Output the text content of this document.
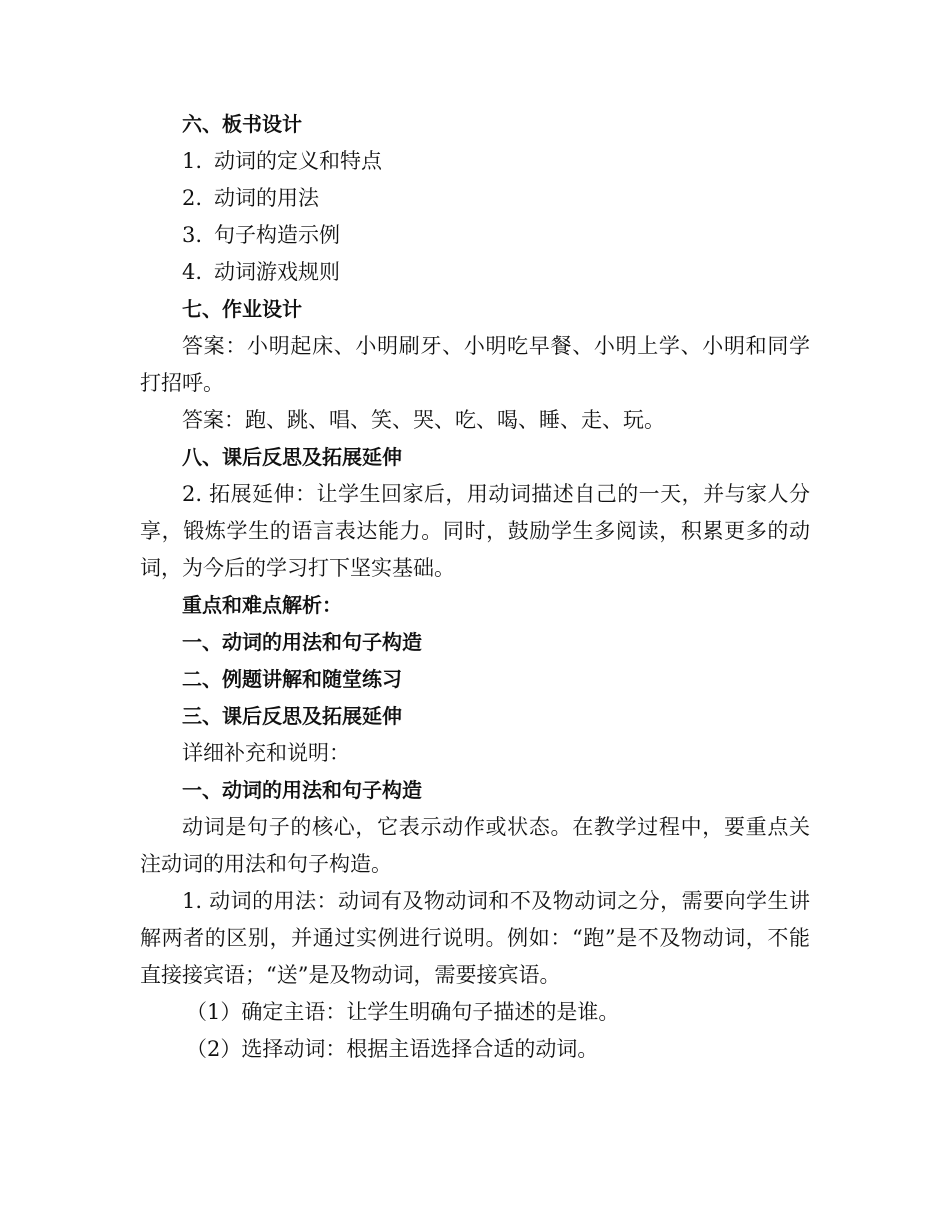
六、板书设计

1. 动词的定义和特点

2. 动词的用法

3. 句子构造示例

4. 动词游戏规则

七、作业设计

答案：小明起床、小明刷牙、小明吃早餐、小明上学、小明和同学打招呼。

答案：跑、跳、唱、笑、哭、吃、喝、睡、走、玩。

八、课后反思及拓展延伸

2. 拓展延伸：让学生回家后，用动词描述自己的一天，并与家人分享，锻炼学生的语言表达能力。同时，鼓励学生多阅读，积累更多的动词，为今后的学习打下坚实基础。

重点和难点解析：

一、动词的用法和句子构造

二、例题讲解和随堂练习

三、课后反思及拓展延伸

详细补充和说明：

一、动词的用法和句子构造

动词是句子的核心，它表示动作或状态。在教学过程中，要重点关注动词的用法和句子构造。

1. 动词的用法：动词有及物动词和不及物动词之分，需要向学生讲解两者的区别，并通过实例进行说明。例如：“跑”是不及物动词，不能直接接宾语；“送”是及物动词，需要接宾语。

（1）确定主语：让学生明确句子描述的是谁。

（2）选择动词：根据主语选择合适的动词。
